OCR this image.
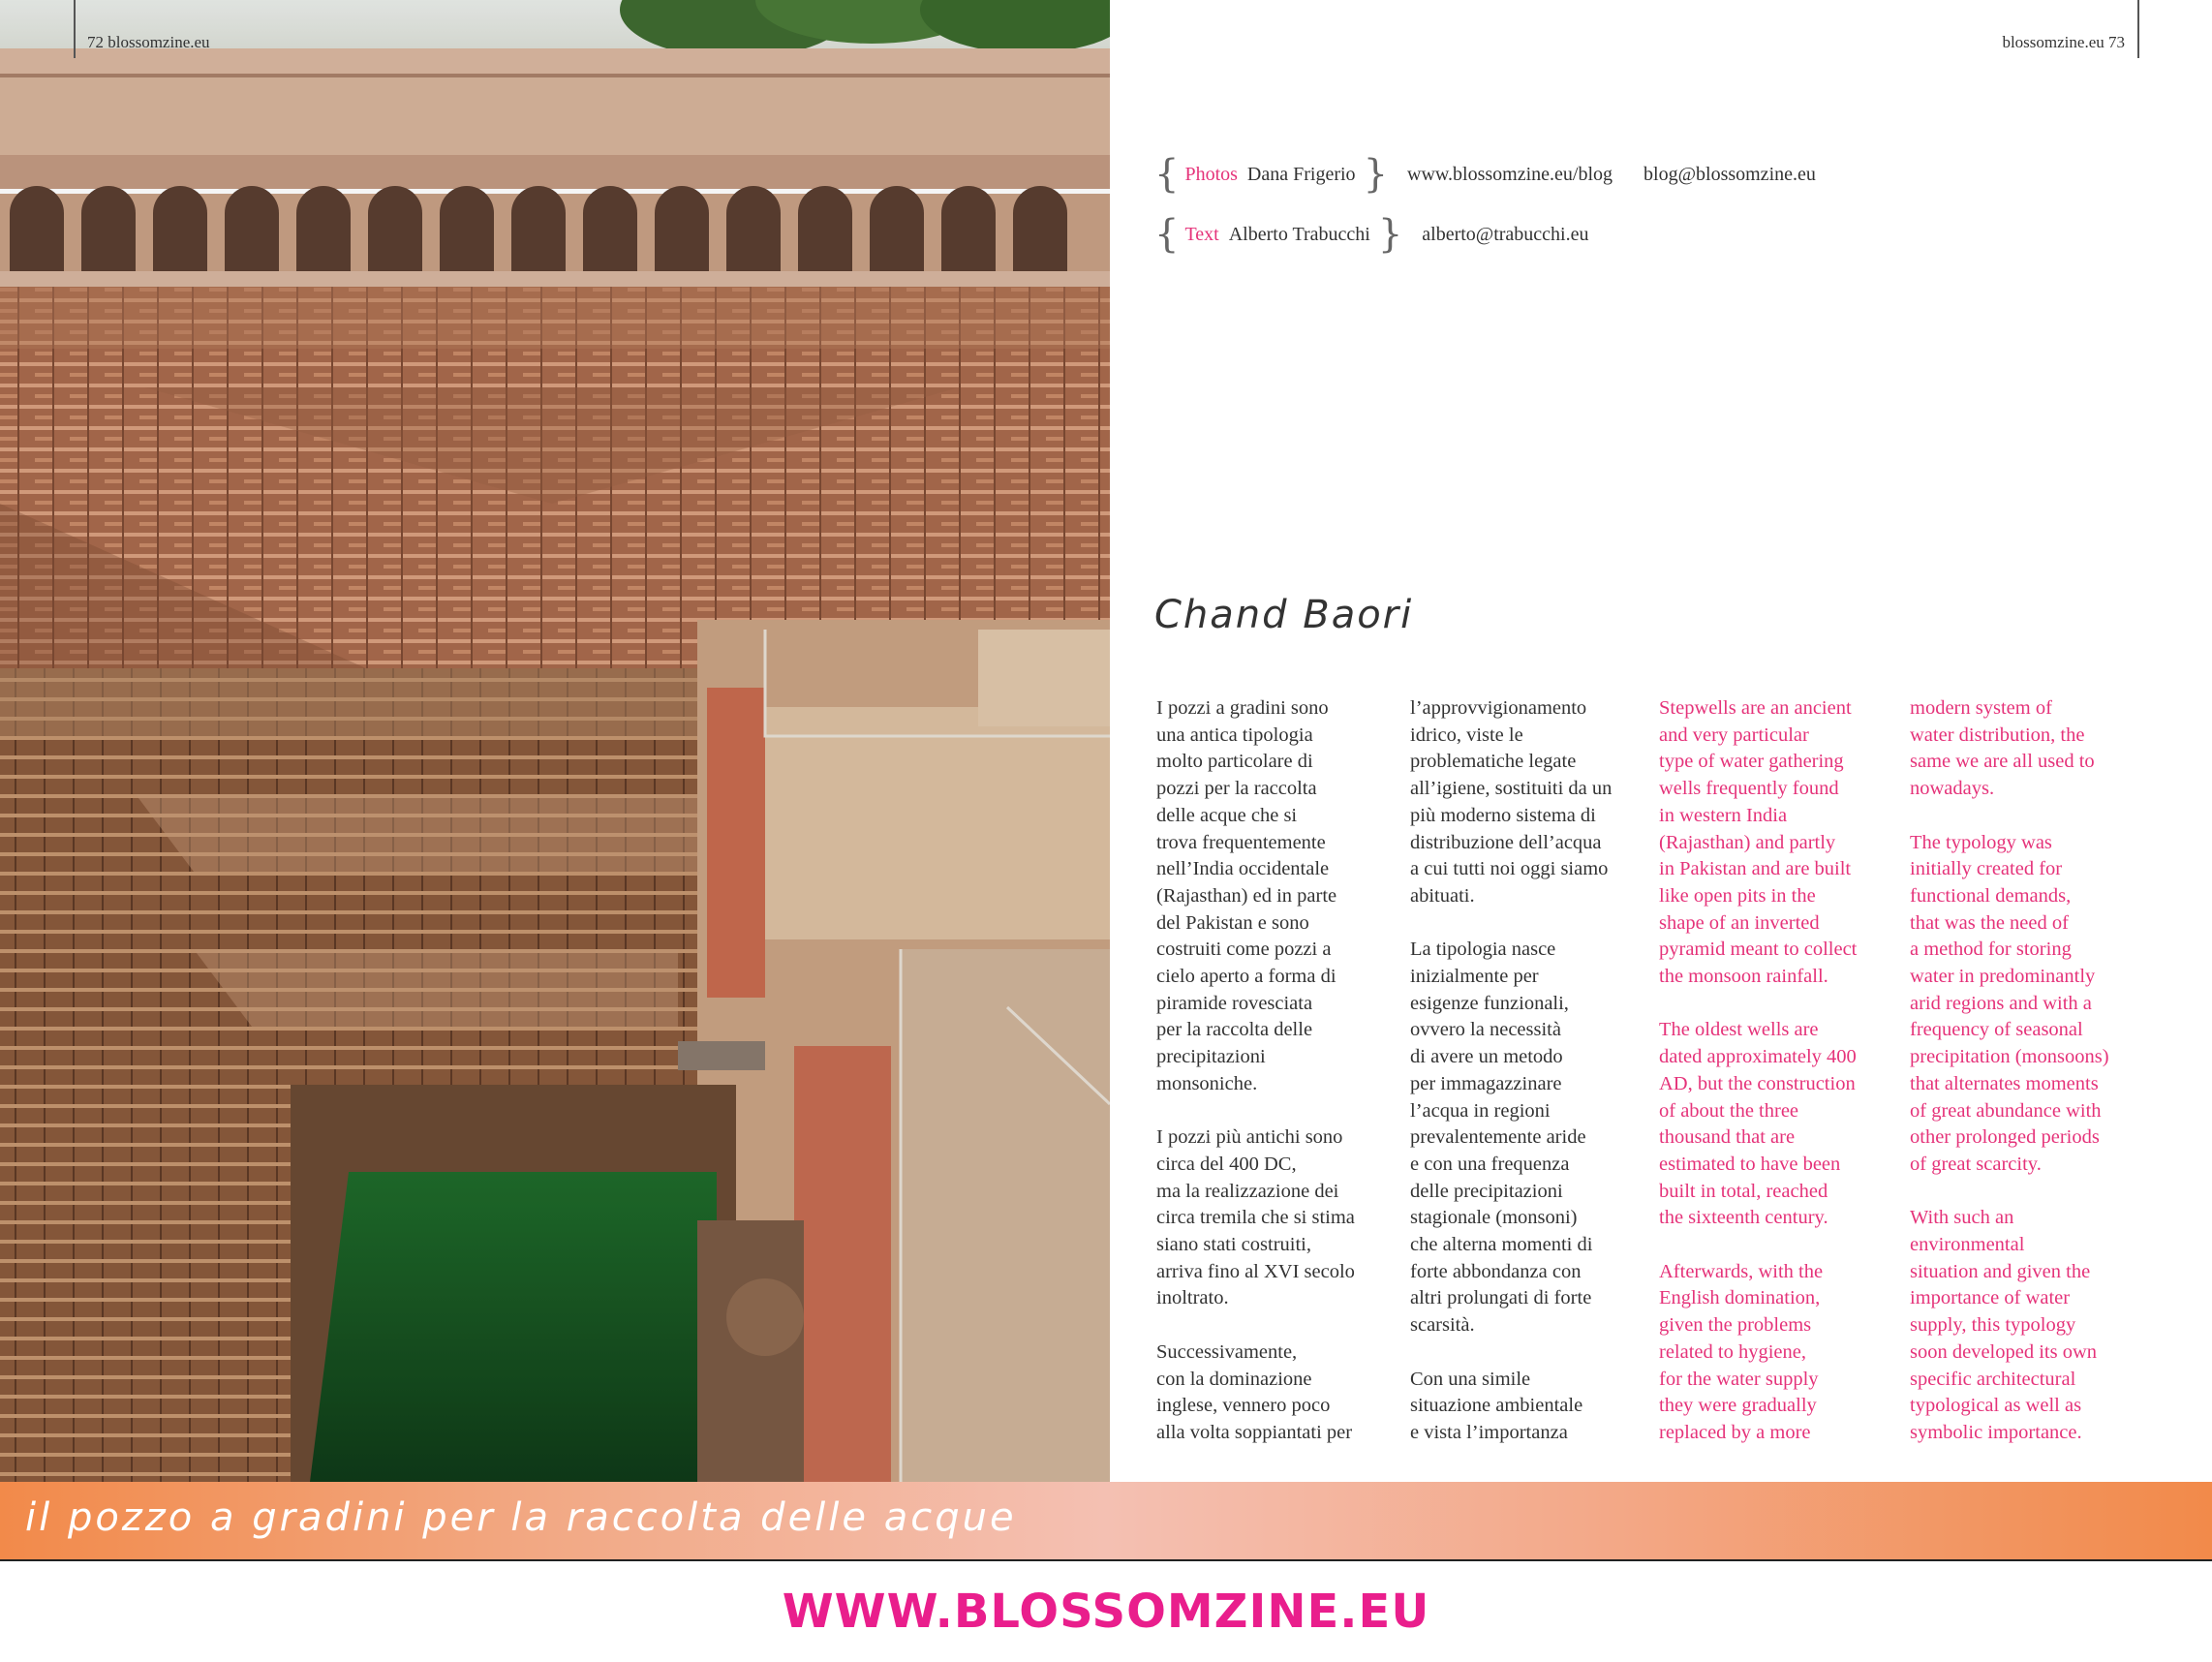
72 blossomzine.eu	blossomzine.eu 73
{ Photos Dana Frigerio } www.blossomzine.eu/blog blog@blossomzine.eu
{ Text Alberto Trabucchi } alberto@trabucchi.eu
Chand Baori

I pozzi a gradini sono
una antica tipologia
molto particolare di
pozzi per la raccolta
delle acque che si
trova frequentemente
nell’India occidentale
(Rajasthan) ed in parte
del Pakistan e sono
costruiti come pozzi a
cielo aperto a forma di
piramide rovesciata
per la raccolta delle
precipitazioni
monsoniche.

I pozzi più antichi sono
circa del 400 DC,
ma la realizzazione dei
circa tremila che si stima
siano stati costruiti,
arriva fino al XVI secolo
inoltrato.

Successivamente,
con la dominazione
inglese, vennero poco
alla volta soppiantati per

l’approvvigionamento
idrico, viste le
problematiche legate
all’igiene, sostituiti da un
più moderno sistema di
distribuzione dell’acqua
a cui tutti noi oggi siamo
abituati.

La tipologia nasce
inizialmente per
esigenze funzionali,
ovvero la necessità
di avere un metodo
per immagazzinare
l’acqua in regioni
prevalentemente aride
e con una frequenza
delle precipitazioni
stagionale (monsoni)
che alterna momenti di
forte abbondanza con
altri prolungati di forte
scarsità.

Con una simile
situazione ambientale
e vista l’importanza

Stepwells are an ancient
and very particular
type of water gathering
wells frequently found
in western India
(Rajasthan) and partly
in Pakistan and are built
like open pits in the
shape of an inverted
pyramid meant to collect
the monsoon rainfall.

The oldest wells are
dated approximately 400
AD, but the construction
of about the three
thousand that are
estimated to have been
built in total, reached
the sixteenth century.

Afterwards, with the
English domination,
given the problems
related to hygiene,
for the water supply
they were gradually
replaced by a more

modern system of
water distribution, the
same we are all used to
nowadays.

The typology was
initially created for
functional demands,
that was the need of
a method for storing
water in predominantly
arid regions and with a
frequency of seasonal
precipitation (monsoons)
that alternates moments
of great abundance with
other prolonged periods
of great scarcity.

With such an
environmental
situation and given the
importance of water
supply, this typology
soon developed its own
specific architectural
typological as well as
symbolic importance.

il pozzo a gradini per la raccolta delle acque
WWW.BLOSSOMZINE.EU
